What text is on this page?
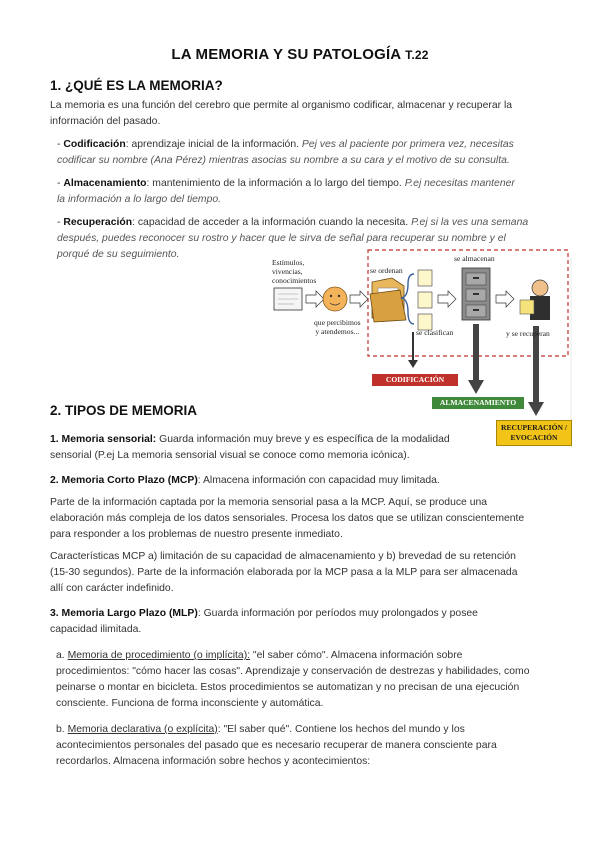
LA MEMORIA Y SU PATOLOGÍA T.22
1. ¿QUÉ ES LA MEMORIA?

La memoria es una función del cerebro que permite al organismo codificar, almacenar y recuperar la

información del pasado.

- Codificación: aprendizaje inicial de la información. Pej ves al paciente por primera vez, necesitas

codificar su nombre (Ana Pérez) mientras asocias su nombre a su cara y el motivo de su consulta.

- Almacenamiento: mantenimiento de la información a lo largo del tiempo. P.ej necesitas mantener

la información a lo largo del tiempo.

- Recuperación: capacidad de acceder a la información cuando la necesita. P.ej si la ves una semana

después, puedes reconocer su rostro y hacer que le sirva de señal para recuperar su nombre y el

porqué de su seguimiento.

Estímulos,
vivencias,
conocimientos
que percibimos
y atendemos...
se ordenan
se clasifican
se almacenan
y se recuperan
CODIFICACIÓN
ALMACENAMIENTO
RECUPERACIÓN /
EVOCACIÓN
2. TIPOS DE MEMORIA

1. Memoria sensorial: Guarda información muy breve y es específica de la modalidad

sensorial (P.ej La memoria sensorial visual se conoce como memoria icónica).

2. Memoria Corto Plazo (MCP): Almacena información con capacidad muy limitada.

Parte de la información captada por la memoria sensorial pasa a la MCP. Aquí, se produce una

elaboración más compleja de los datos sensoriales. Procesa los datos que se utilizan conscientemente

para responder a los problemas de nuestro presente inmediato.

Características MCP a) limitación de su capacidad de almacenamiento y b) brevedad de su retención

(15-30 segundos). Parte de la información elaborada por la MCP pasa a la MLP para ser almacenada

allí con carácter indefinido.

3. Memoria Largo Plazo (MLP): Guarda información por períodos muy prolongados y posee

capacidad ilimitada.

a. Memoria de procedimiento (o implícita): "el saber cómo". Almacena información sobre

procedimientos: "cómo hacer las cosas". Aprendizaje y conservación de destrezas y habilidades, como

peinarse o montar en bicicleta. Estos procedimientos se automatizan y no precisan de una ejecución

consciente. Funciona de forma inconsciente y automática.

b. Memoria declarativa (o explícita): "El saber qué". Contiene los hechos del mundo y los

acontecimientos personales del pasado que es necesario recuperar de manera consciente para

recordarlos. Almacena información sobre hechos y acontecimientos:
